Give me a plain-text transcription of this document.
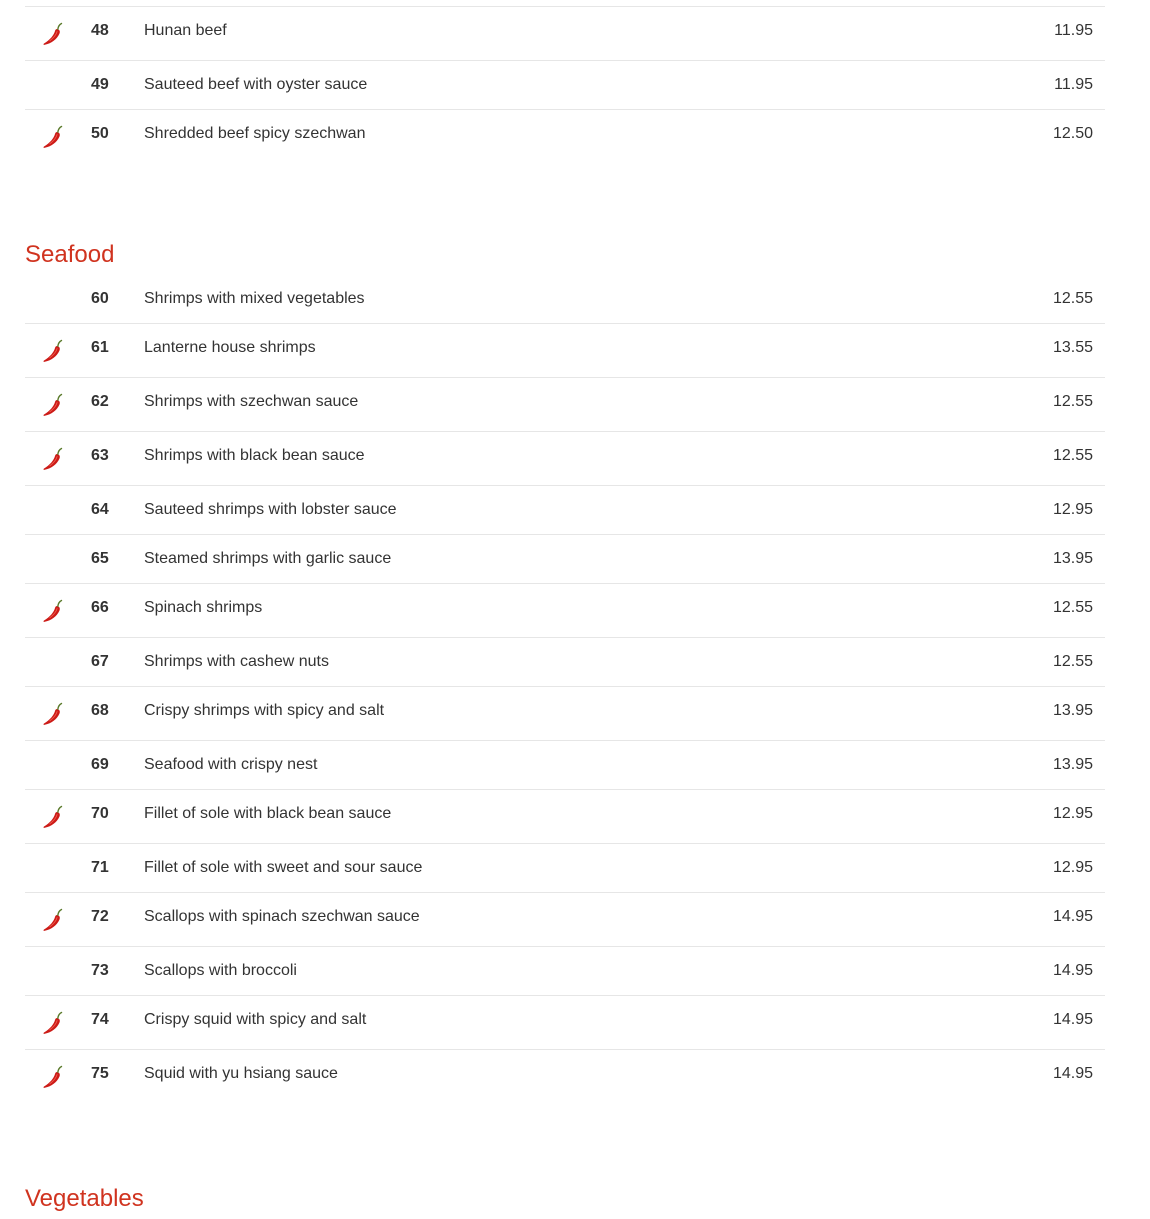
	48	Hunan beef	11.95
	49	Sauteed beef with oyster sauce	11.95

	50	Shredded beef spicy szechwan	12.50
Seafood
	60	Shrimps with mixed vegetables	12.55

	61	Lanterne house shrimps	13.55

	62	Shrimps with szechwan sauce	12.55

	63	Shrimps with black bean sauce	12.55
	64	Sauteed shrimps with lobster sauce	12.95
	65	Steamed shrimps with garlic sauce	13.95

	66	Spinach shrimps	12.55
	67	Shrimps with cashew nuts	12.55

	68	Crispy shrimps with spicy and salt	13.95
	69	Seafood with crispy nest	13.95

	70	Fillet of sole with black bean sauce	12.95
	71	Fillet of sole with sweet and sour sauce	12.95

	72	Scallops with spinach szechwan sauce	14.95
	73	Scallops with broccoli	14.95

	74	Crispy squid with spicy and salt	14.95

	75	Squid with yu hsiang sauce	14.95
Vegetables
